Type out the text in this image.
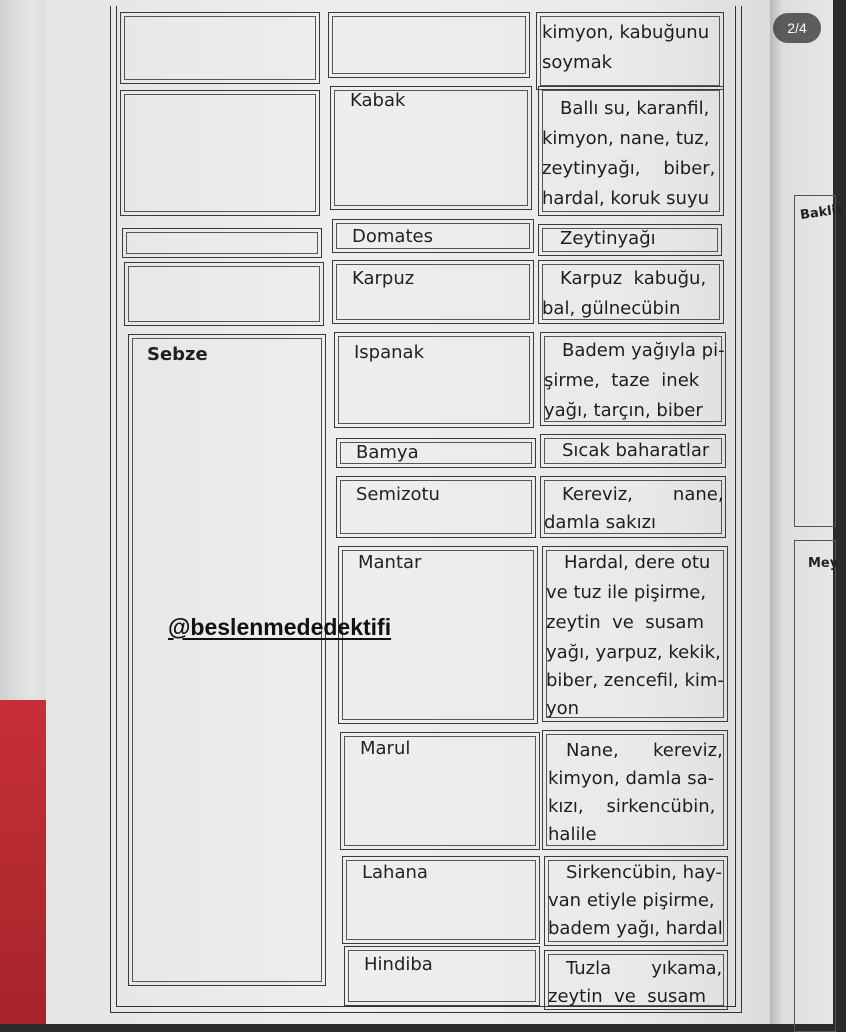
Bakliy
Mey
Sebze
Kabak
Domates
Karpuz
Ispanak
Bamya
Semizotu
Mantar
Marul
Lahana
Hindiba
kimyon, kabuğunu
soymak
Ballı su, karanfil,
kimyon, nane, tuz,
zeytinyağı,    biber,
hardal, koruk suyu
Zeytinyağı
Karpuz  kabuğu,
bal, gülnecübin
Badem yağıyla pi-
şirme,  taze  inek
yağı, tarçın, biber
Sıcak baharatlar
Kereviz,       nane,
damla sakızı
Hardal, dere otu
ve tuz ile pişirme,
zeytin  ve  susam
yağı, yarpuz, kekik,
biber, zencefil, kim-
yon
Nane,      kereviz,
kimyon, damla sa-
kızı,    sirkencübin,
halile
Sirkencübin, hay-
van etiyle pişirme,
badem yağı, hardal
Tuzla       yıkama,
zeytin  ve  susam
@beslenmededektifi
2/4
